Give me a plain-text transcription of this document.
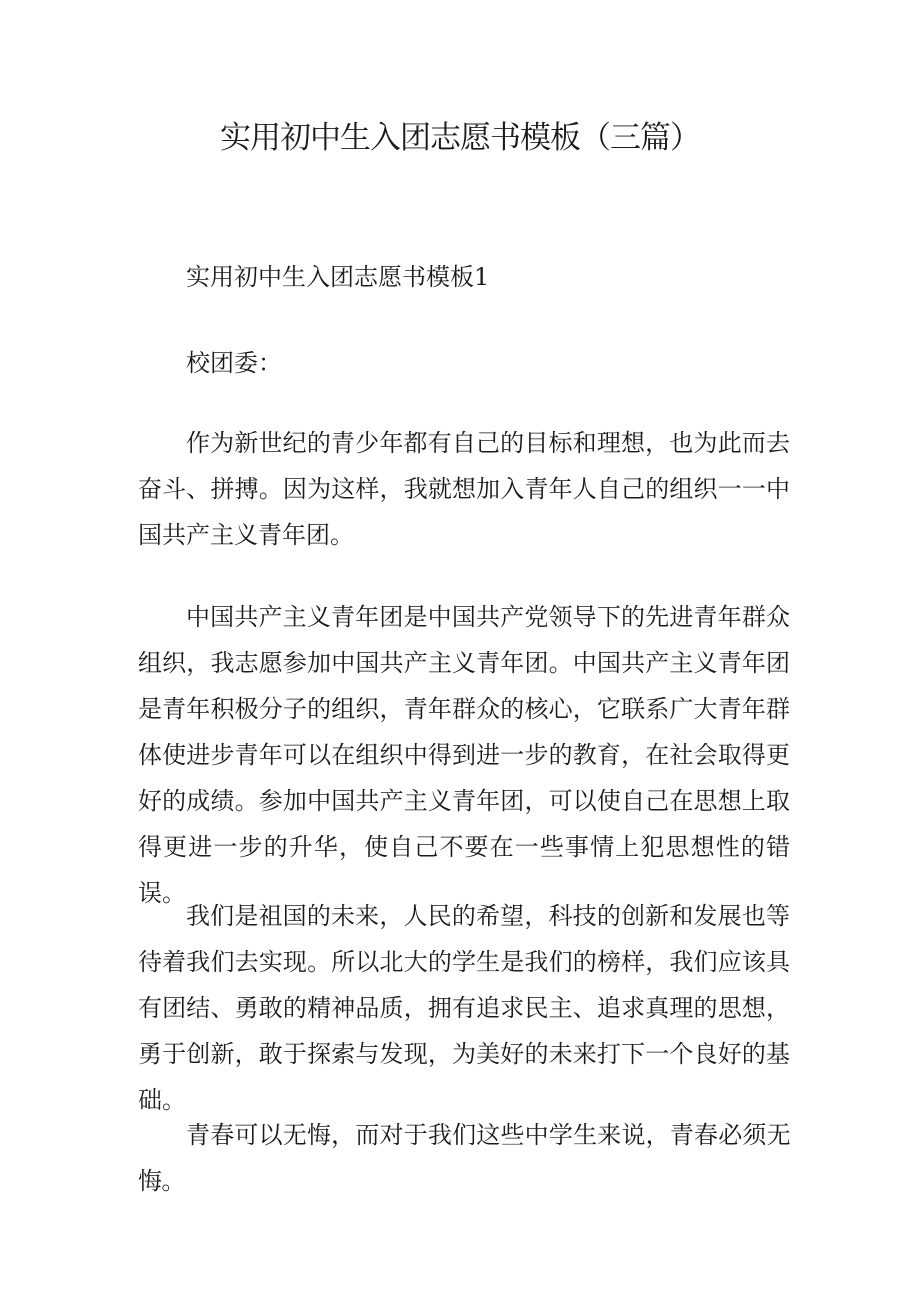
实用初中生入团志愿书模板（三篇）

实用初中生入团志愿书模板1

校团委：

作为新世纪的青少年都有自己的目标和理想，也为此而去奋斗、拼搏。因为这样，我就想加入青年人自己的组织一一中国共产主义青年团。

中国共产主义青年团是中国共产党领导下的先进青年群众组织，我志愿参加中国共产主义青年团。中国共产主义青年团是青年积极分子的组织，青年群众的核心，它联系广大青年群体使进步青年可以在组织中得到进一步的教育，在社会取得更好的成绩。参加中国共产主义青年团，可以使自己在思想上取得更进一步的升华，使自己不要在一些事情上犯思想性的错误。

我们是祖国的未来，人民的希望，科技的创新和发展也等待着我们去实现。所以北大的学生是我们的榜样，我们应该具有团结、勇敢的精神品质，拥有追求民主、追求真理的思想，勇于创新，敢于探索与发现，为美好的未来打下一个良好的基础。

青春可以无悔，而对于我们这些中学生来说，青春必须无悔。
